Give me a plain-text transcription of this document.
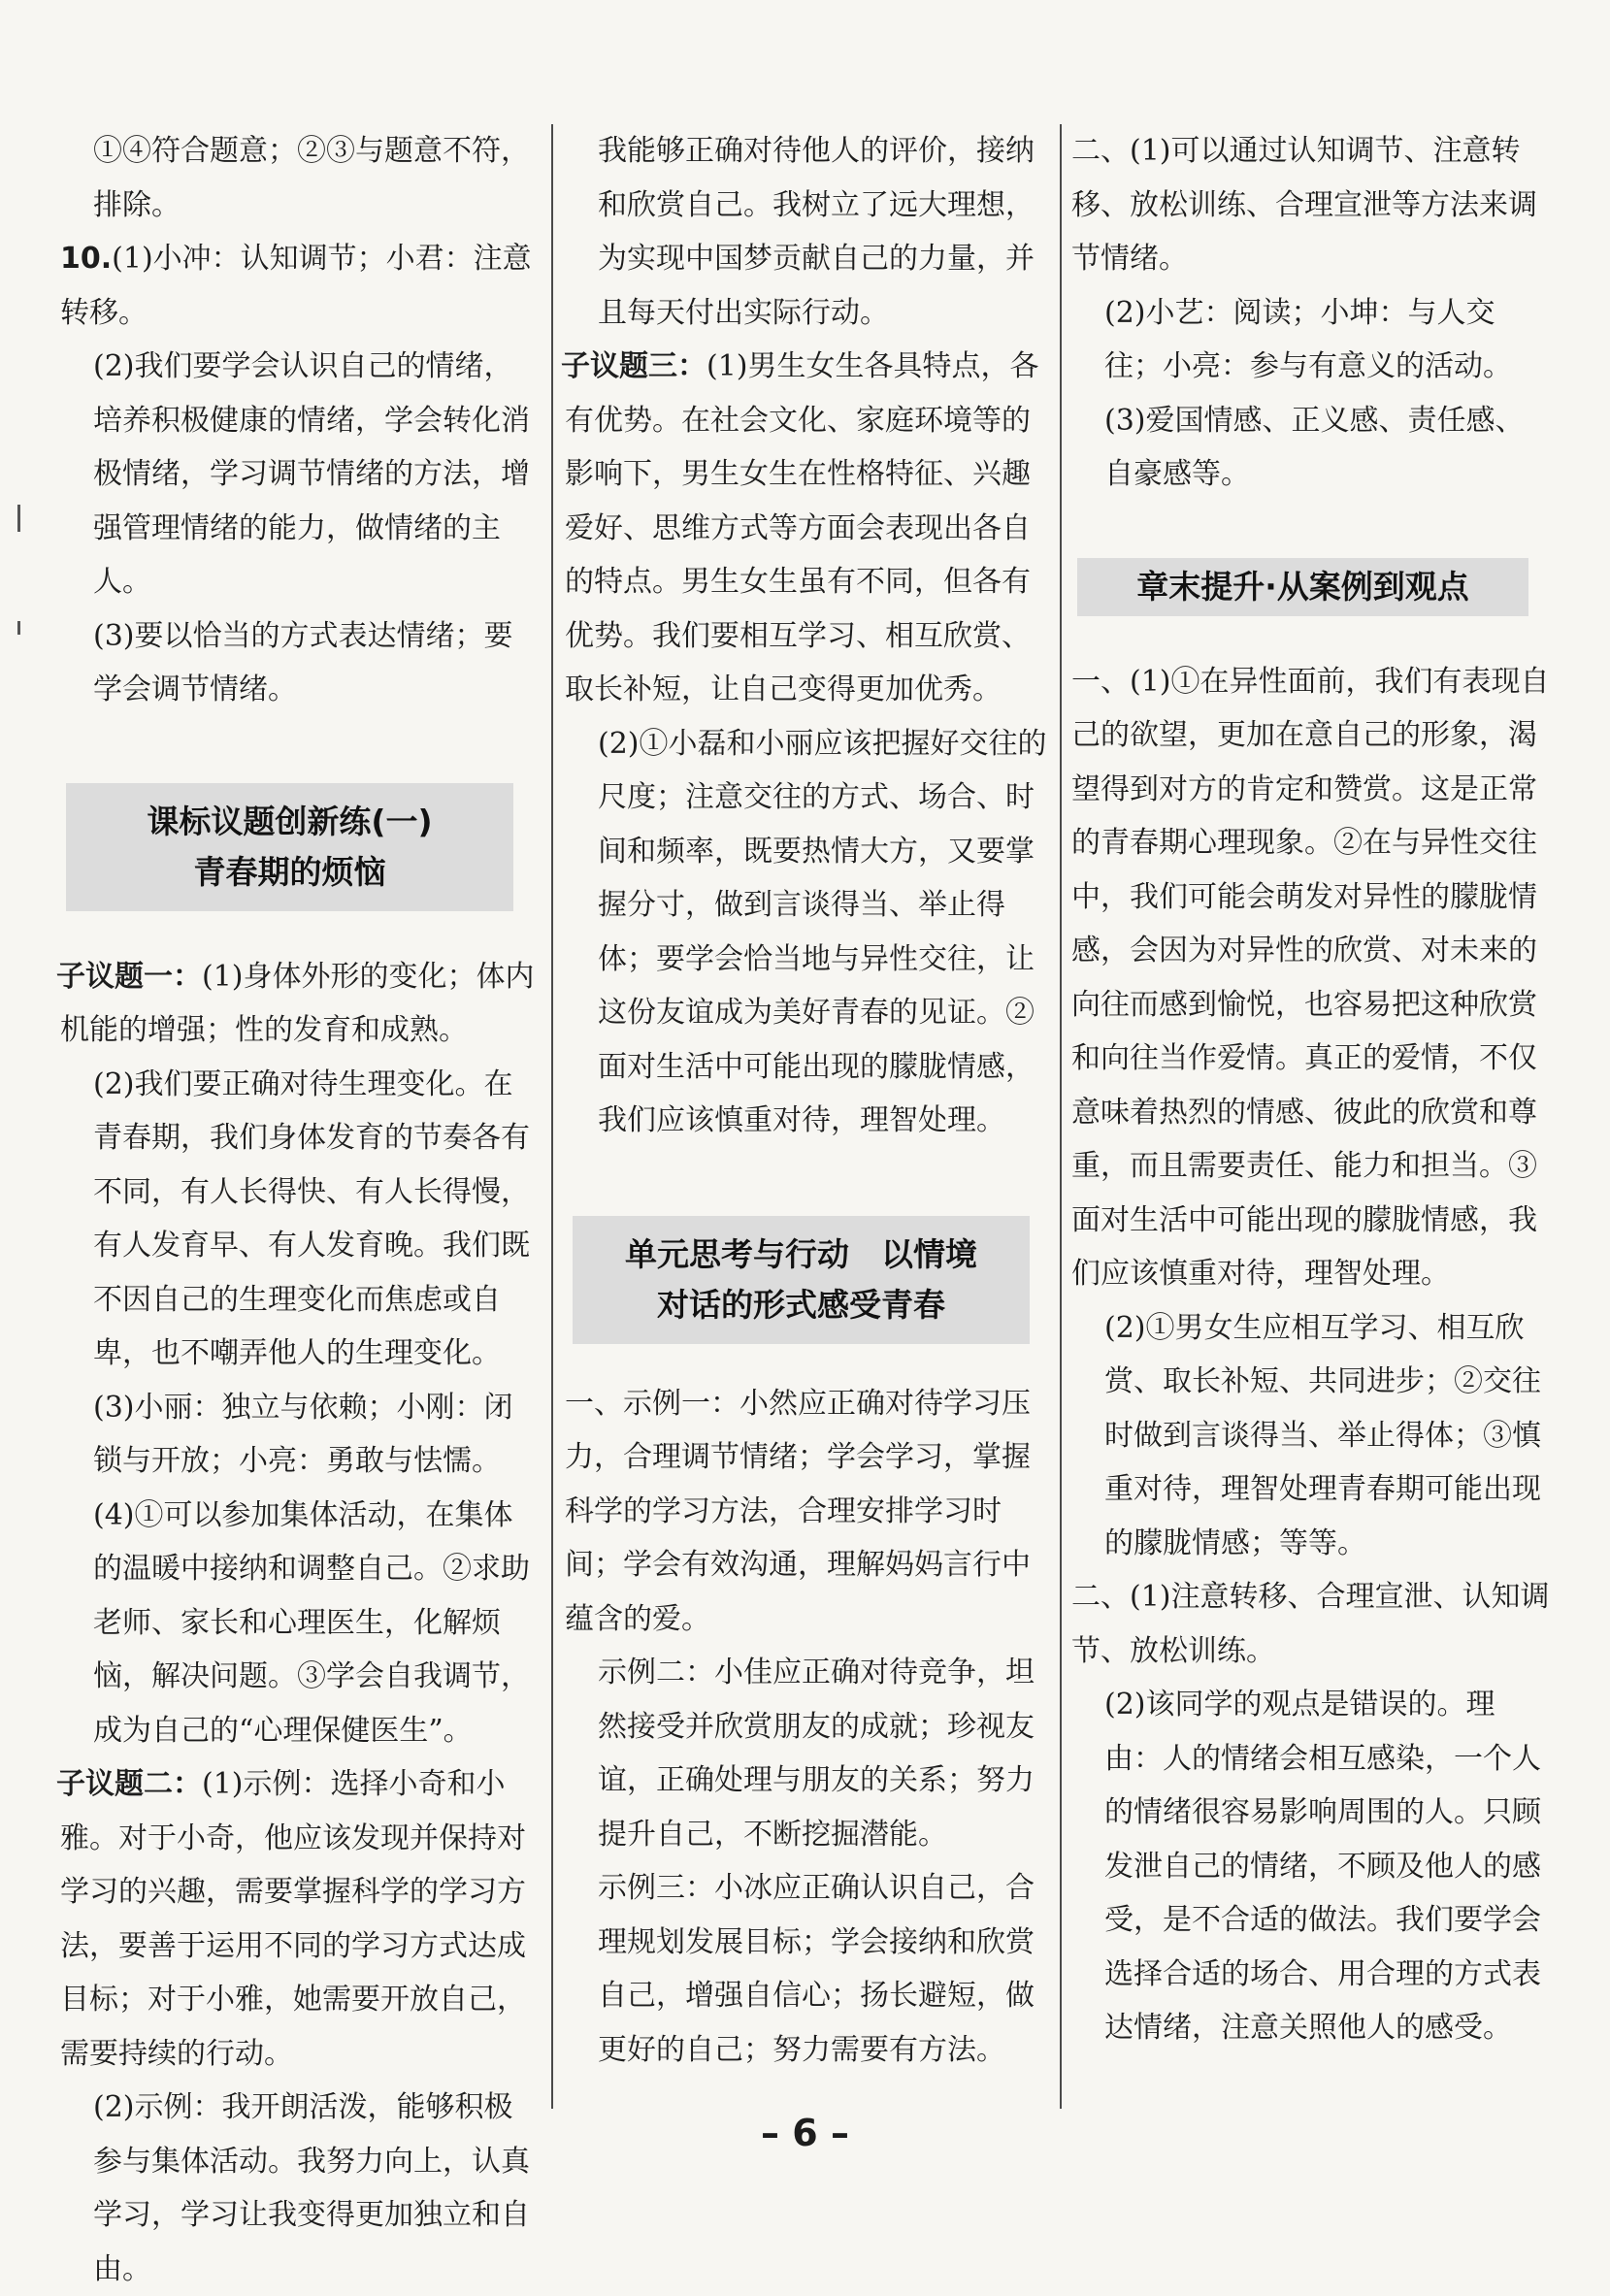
①④符合题意；②③与题意不符，
排除。
10.(1)小冲：认知调节；小君：注意转移。
(2)我们要学会认识自己的情绪，培养积极健康的情绪，学会转化消极情绪，学习调节情绪的方法，增强管理情绪的能力，做情绪的主人。
(3)要以恰当的方式表达情绪；要学会调节情绪。
课标议题创新练(一)
青春期的烦恼
子议题一：(1)身体外形的变化；体内机能的增强；性的发育和成熟。
(2)我们要正确对待生理变化。在青春期，我们身体发育的节奏各有不同，有人长得快、有人长得慢，有人发育早、有人发育晚。我们既不因自己的生理变化而焦虑或自卑，也不嘲弄他人的生理变化。
(3)小丽：独立与依赖；小刚：闭锁与开放；小亮：勇敢与怯懦。
(4)①可以参加集体活动，在集体的温暖中接纳和调整自己。②求助老师、家长和心理医生，化解烦恼，解决问题。③学会自我调节，成为自己的“心理保健医生”。
子议题二：(1)示例：选择小奇和小雅。对于小奇，他应该发现并保持对学习的兴趣，需要掌握科学的学习方法，要善于运用不同的学习方式达成目标；对于小雅，她需要开放自己，需要持续的行动。
(2)示例：我开朗活泼，能够积极参与集体活动。我努力向上，认真学习，学习让我变得更加独立和自由。
我能够正确对待他人的评价，接纳和欣赏自己。我树立了远大理想，为实现中国梦贡献自己的力量，并且每天付出实际行动。
子议题三：(1)男生女生各具特点，各有优势。在社会文化、家庭环境等的影响下，男生女生在性格特征、兴趣爱好、思维方式等方面会表现出各自的特点。男生女生虽有不同，但各有优势。我们要相互学习、相互欣赏、取长补短，让自己变得更加优秀。
(2)①小磊和小丽应该把握好交往的尺度；注意交往的方式、场合、时间和频率，既要热情大方，又要掌握分寸，做到言谈得当、举止得体；要学会恰当地与异性交往，让这份友谊成为美好青春的见证。②面对生活中可能出现的朦胧情感，我们应该慎重对待，理智处理。
单元思考与行动　以情境
对话的形式感受青春
一、示例一：小然应正确对待学习压力，合理调节情绪；学会学习，掌握科学的学习方法，合理安排学习时间；学会有效沟通，理解妈妈言行中蕴含的爱。
示例二：小佳应正确对待竞争，坦然接受并欣赏朋友的成就；珍视友谊，正确处理与朋友的关系；努力提升自己，不断挖掘潜能。
示例三：小冰应正确认识自己，合理规划发展目标；学会接纳和欣赏自己，增强自信心；扬长避短，做更好的自己；努力需要有方法。
二、(1)可以通过认知调节、注意转移、放松训练、合理宣泄等方法来调节情绪。
(2)小艺：阅读；小坤：与人交往；小亮：参与有意义的活动。
(3)爱国情感、正义感、责任感、自豪感等。
章末提升·从案例到观点
一、(1)①在异性面前，我们有表现自己的欲望，更加在意自己的形象，渴望得到对方的肯定和赞赏。这是正常的青春期心理现象。②在与异性交往中，我们可能会萌发对异性的朦胧情感，会因为对异性的欣赏、对未来的向往而感到愉悦，也容易把这种欣赏和向往当作爱情。真正的爱情，不仅意味着热烈的情感、彼此的欣赏和尊重，而且需要责任、能力和担当。③面对生活中可能出现的朦胧情感，我们应该慎重对待，理智处理。
(2)①男女生应相互学习、相互欣赏、取长补短、共同进步；②交往时做到言谈得当、举止得体；③慎重对待，理智处理青春期可能出现的朦胧情感；等等。
二、(1)注意转移、合理宣泄、认知调节、放松训练。
(2)该同学的观点是错误的。理由：人的情绪会相互感染，一个人的情绪很容易影响周围的人。只顾发泄自己的情绪，不顾及他人的感受，是不合适的做法。我们要学会选择合适的场合、用合理的方式表达情绪，注意关照他人的感受。
– 6 –
